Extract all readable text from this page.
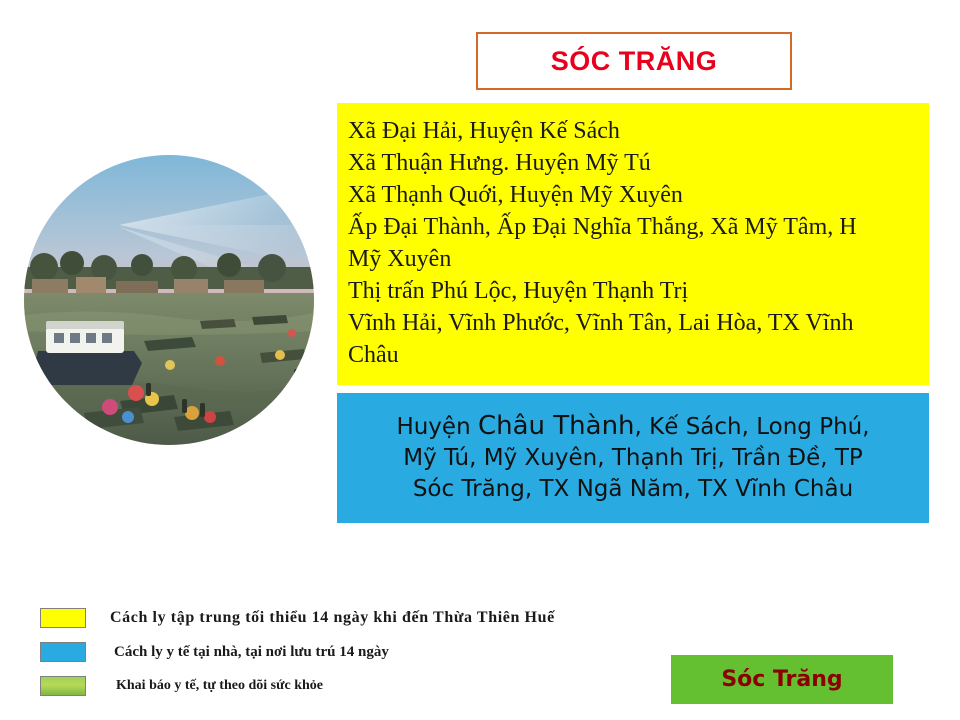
SÓC TRĂNG
Xã Đại Hải, Huyện Kế Sách
Xã Thuận Hưng. Huyện Mỹ Tú
Xã Thạnh Quới, Huyện Mỹ Xuyên
Ấp Đại Thành, Ấp Đại Nghĩa Thắng, Xã Mỹ Tâm, H
Mỹ Xuyên
Thị trấn Phú Lộc, Huyện Thạnh Trị
Vĩnh Hải, Vĩnh Phước, Vĩnh Tân, Lai Hòa, TX Vĩnh
Châu
Huyện Châu Thành, Kế Sách, Long Phú,
Mỹ Tú, Mỹ Xuyên, Thạnh Trị, Trần Đề, TP
Sóc Trăng, TX Ngã Năm, TX Vĩnh Châu
Cách ly tập trung tối thiểu 14 ngày khi đến Thừa Thiên Huế
Cách ly y tế tại nhà, tại nơi lưu trú 14 ngày
Khai báo y tế, tự theo dõi sức khỏe	Sóc Trăng
